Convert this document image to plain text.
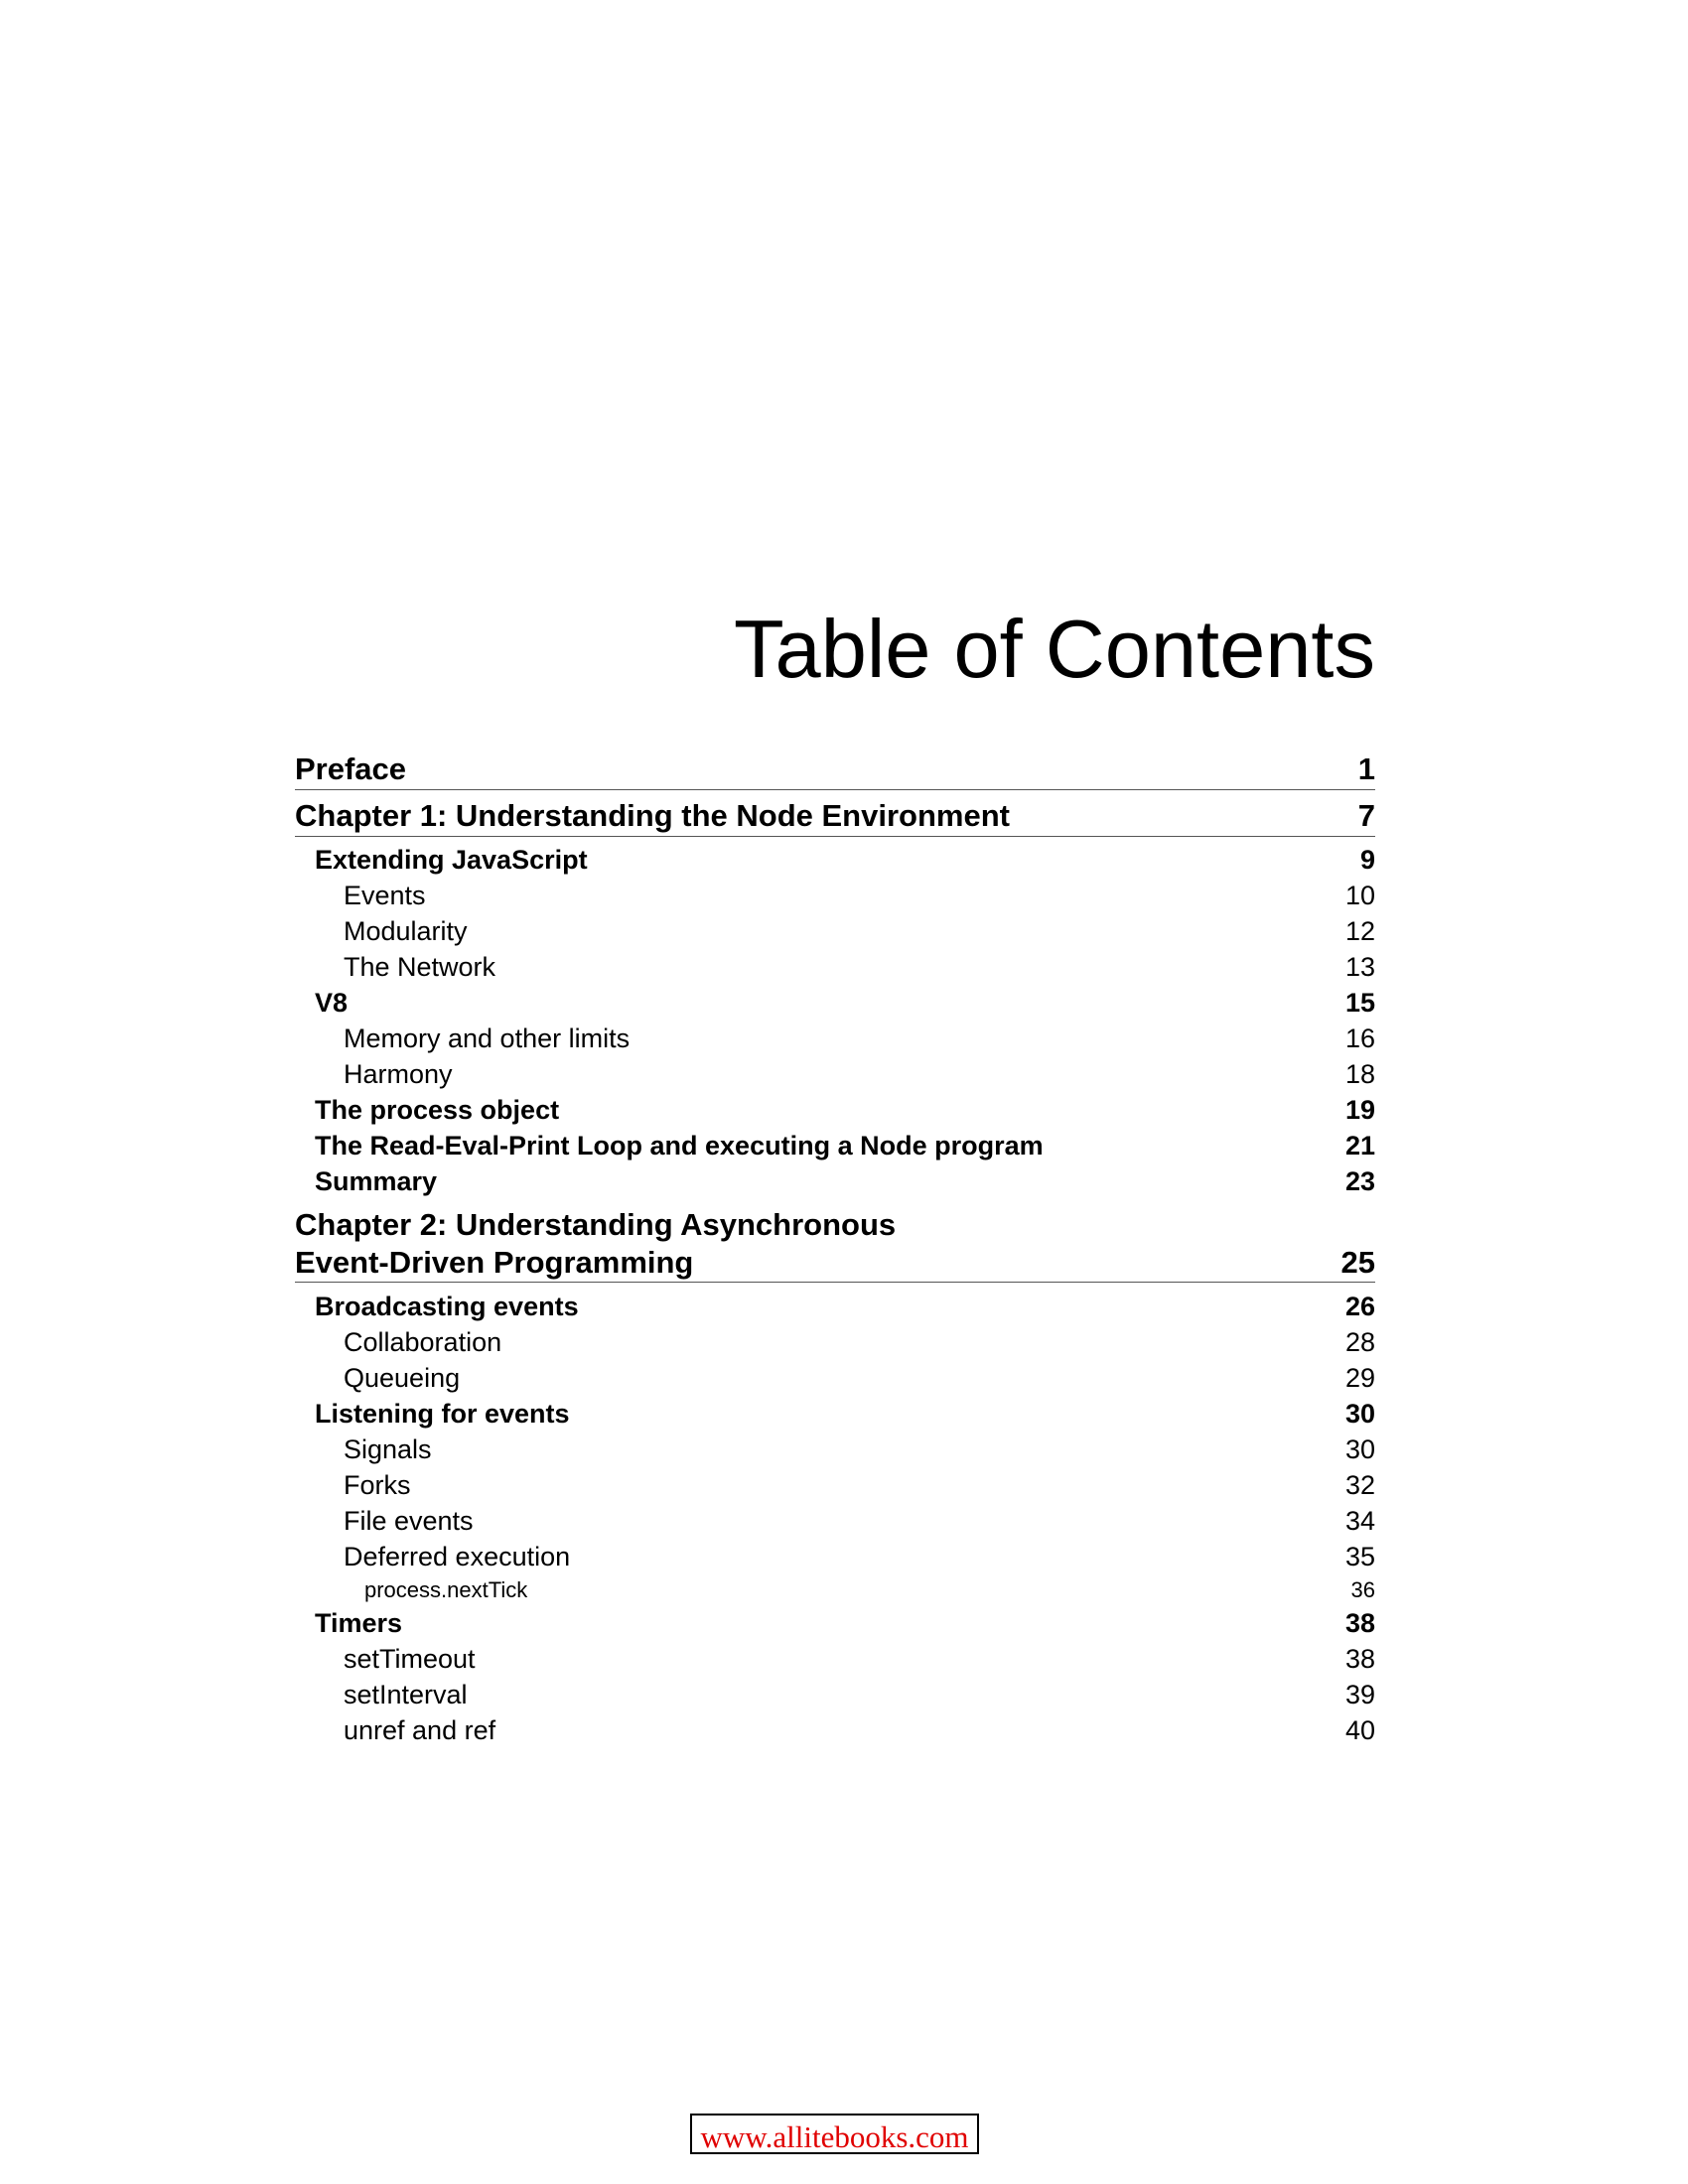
Table of Contents
Preface	1
Chapter 1: Understanding the Node Environment	7
Extending JavaScript	9
Events	10
Modularity	12
The Network	13
V8	15
Memory and other limits	16
Harmony	18
The process object	19
The Read-Eval-Print Loop and executing a Node program	21
Summary	23
Chapter 2: Understanding Asynchronous
Event-Driven Programming	25
Broadcasting events	26
Collaboration	28
Queueing	29
Listening for events	30
Signals	30
Forks	32
File events	34
Deferred execution	35
process.nextTick	36
Timers	38
setTimeout	38
setInterval	39
unref and ref	40
www.allitebooks.com
